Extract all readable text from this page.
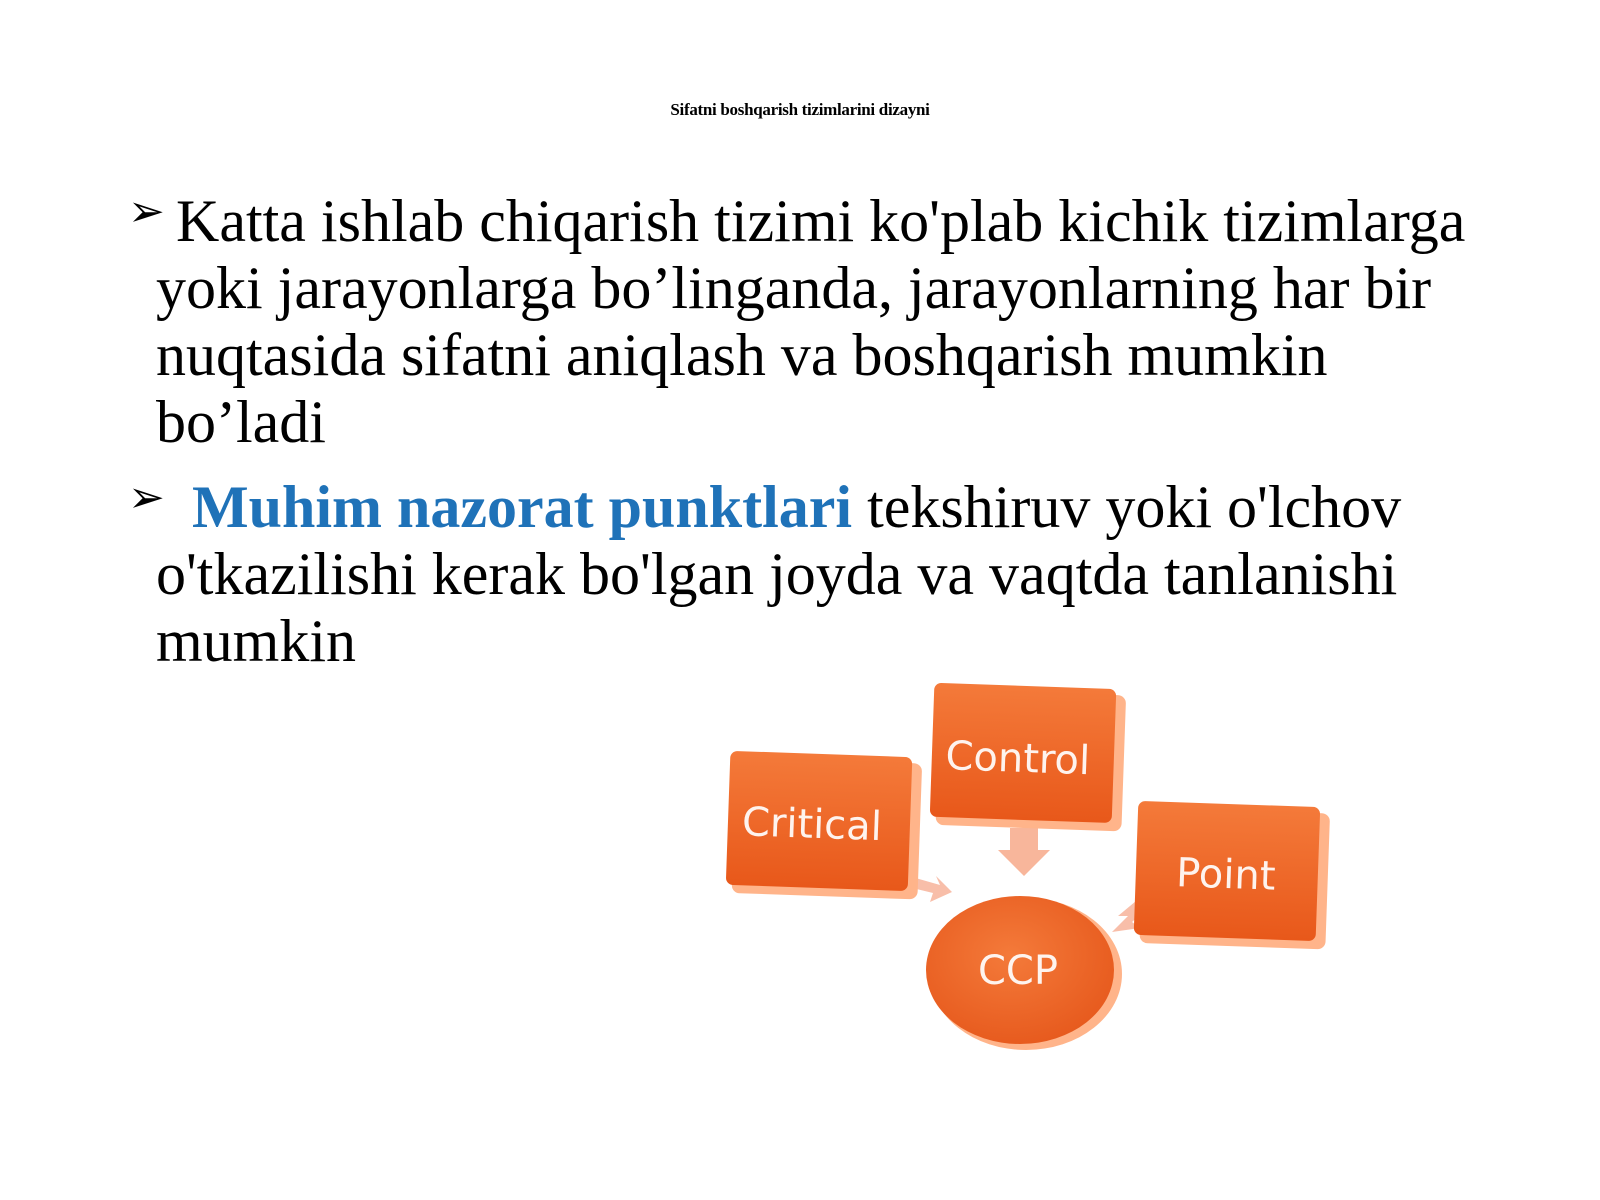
Sifatni boshqarish tizimlarini dizayni
➢ Katta ishlab chiqarish tizimi ko'plab kichik tizimlarga yoki jarayonlarga bo’linganda, jarayonlarning har bir nuqtasida sifatni aniqlash va boshqarish mumkin bo’ladi
➢ Muhim nazorat punktlari tekshiruv yoki o'lchov o'tkazilishi kerak bo'lgan joyda va vaqtda tanlanishi mumkin
Critical
Control
Point
CCP
